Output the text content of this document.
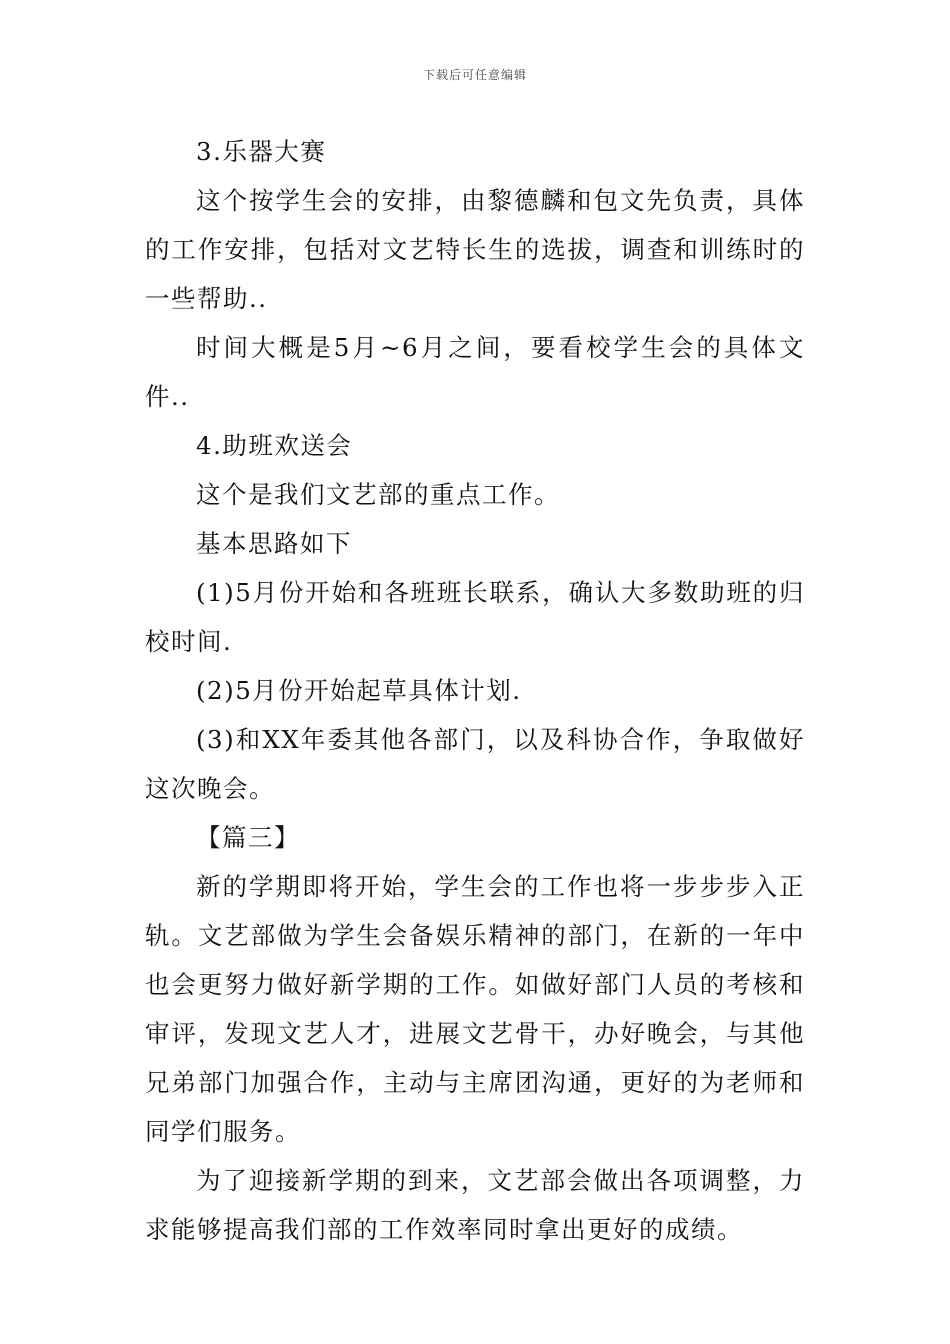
下载后可任意编辑

3.乐器大赛

这个按学生会的安排，由黎德麟和包文先负责，具体的工作安排，包括对文艺特长生的选拔，调查和训练时的一些帮助..

时间大概是5月~6月之间，要看校学生会的具体文件..

4.助班欢送会

这个是我们文艺部的重点工作。

基本思路如下

(1)5月份开始和各班班长联系，确认大多数助班的归校时间.

(2)5月份开始起草具体计划.

(3)和XX年委其他各部门，以及科协合作，争取做好这次晚会。

【篇三】

新的学期即将开始，学生会的工作也将一步步步入正轨。文艺部做为学生会备娱乐精神的部门，在新的一年中也会更努力做好新学期的工作。如做好部门人员的考核和审评，发现文艺人才，进展文艺骨干，办好晚会，与其他兄弟部门加强合作，主动与主席团沟通，更好的为老师和同学们服务。

为了迎接新学期的到来，文艺部会做出各项调整，力求能够提高我们部的工作效率同时拿出更好的成绩。
